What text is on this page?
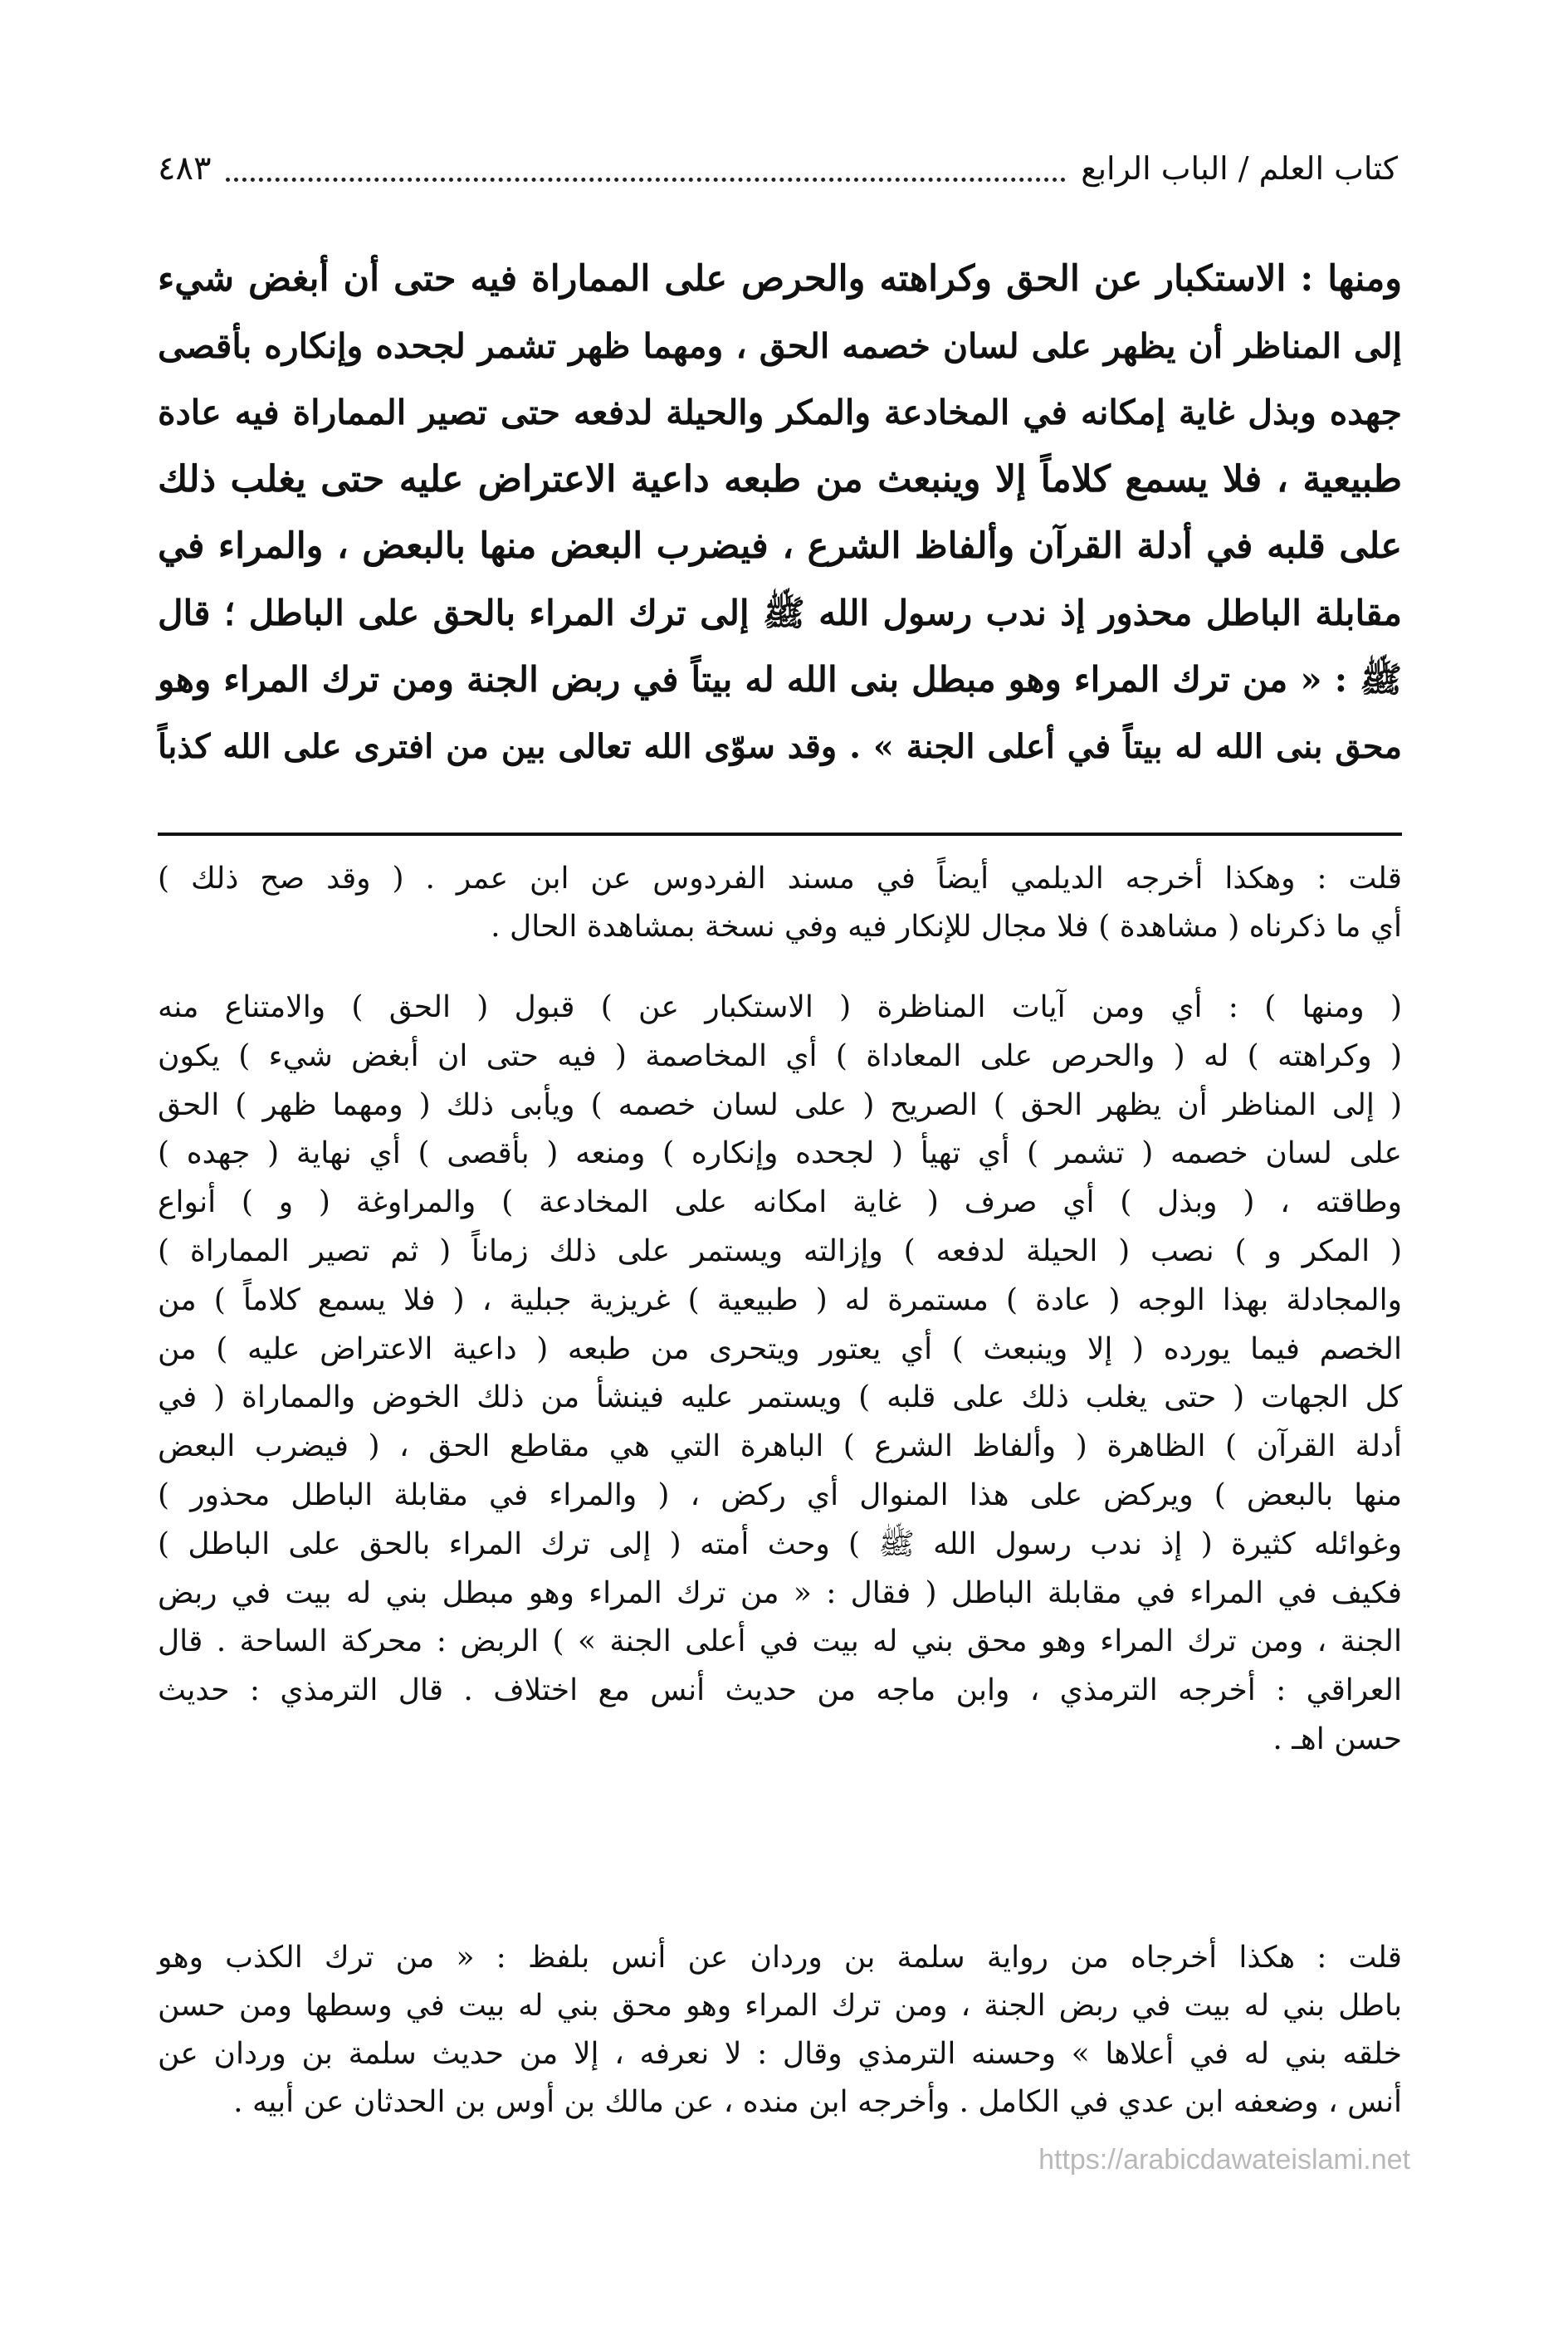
كتاب العلم / الباب الرابع
٤٨٣
ومنها : الاستكبار عن الحق وكراهته والحرص على المماراة فيه حتى أن أبغض شيء
إلى المناظر أن يظهر على لسان خصمه الحق ، ومهما ظهر تشمر لجحده وإنكاره بأقصى
جهده وبذل غاية إمكانه في المخادعة والمكر والحيلة لدفعه حتى تصير المماراة فيه عادة
طبيعية ، فلا يسمع كلاماً إلا وينبعث من طبعه داعية الاعتراض عليه حتى يغلب ذلك
على قلبه في أدلة القرآن وألفاظ الشرع ، فيضرب البعض منها بالبعض ، والمراء في
مقابلة الباطل محذور إذ ندب رسول الله ﷺ إلى ترك المراء بالحق على الباطل ؛ قال
ﷺ : « من ترك المراء وهو مبطل بنى الله له بيتاً في ربض الجنة ومن ترك المراء وهو
محق بنى الله له بيتاً في أعلى الجنة » . وقد سوّى الله تعالى بين من افترى على الله كذباً
قلت : وهكذا أخرجه الديلمي أيضاً في مسند الفردوس عن ابن عمر . ( وقد صح ذلك )
أي ما ذكرناه ( مشاهدة ) فلا مجال للإنكار فيه وفي نسخة بمشاهدة الحال .
( ومنها ) : أي ومن آيات المناظرة ( الاستكبار عن ) قبول ( الحق ) والامتناع منه
( وكراهته ) له ( والحرص على المعاداة ) أي المخاصمة ( فيه حتى ان أبغض شيء ) يكون
( إلى المناظر أن يظهر الحق ) الصريح ( على لسان خصمه ) ويأبى ذلك ( ومهما ظهر ) الحق
على لسان خصمه ( تشمر ) أي تهيأ ( لجحده وإنكاره ) ومنعه ( بأقصى ) أي نهاية ( جهده )
وطاقته ، ( وبذل ) أي صرف ( غاية امكانه على المخادعة ) والمراوغة ( و ) أنواع
( المكر و ) نصب ( الحيلة لدفعه ) وإزالته ويستمر على ذلك زماناً ( ثم تصير المماراة )
والمجادلة بهذا الوجه ( عادة ) مستمرة له ( طبيعية ) غريزية جبلية ، ( فلا يسمع كلاماً ) من
الخصم فيما يورده ( إلا وينبعث ) أي يعتور ويتحرى من طبعه ( داعية الاعتراض عليه ) من
كل الجهات ( حتى يغلب ذلك على قلبه ) ويستمر عليه فينشأ من ذلك الخوض والمماراة ( في
أدلة القرآن ) الظاهرة ( وألفاظ الشرع ) الباهرة التي هي مقاطع الحق ، ( فيضرب البعض
منها بالبعض ) ويركض على هذا المنوال أي ركض ، ( والمراء في مقابلة الباطل محذور )
وغوائله كثيرة ( إذ ندب رسول الله ﷺ ) وحث أمته ( إلى ترك المراء بالحق على الباطل )
فكيف في المراء في مقابلة الباطل ( فقال : « من ترك المراء وهو مبطل بني له بيت في ربض
الجنة ، ومن ترك المراء وهو محق بني له بيت في أعلى الجنة » ) الربض : محركة الساحة . قال
العراقي : أخرجه الترمذي ، وابن ماجه من حديث أنس مع اختلاف . قال الترمذي : حديث
حسن اهـ .
قلت : هكذا أخرجاه من رواية سلمة بن وردان عن أنس بلفظ : « من ترك الكذب وهو
باطل بني له بيت في ربض الجنة ، ومن ترك المراء وهو محق بني له بيت في وسطها ومن حسن
خلقه بني له في أعلاها » وحسنه الترمذي وقال : لا نعرفه ، إلا من حديث سلمة بن وردان عن
أنس ، وضعفه ابن عدي في الكامل . وأخرجه ابن منده ، عن مالك بن أوس بن الحدثان عن أبيه .
https://arabicdawateislami.net
